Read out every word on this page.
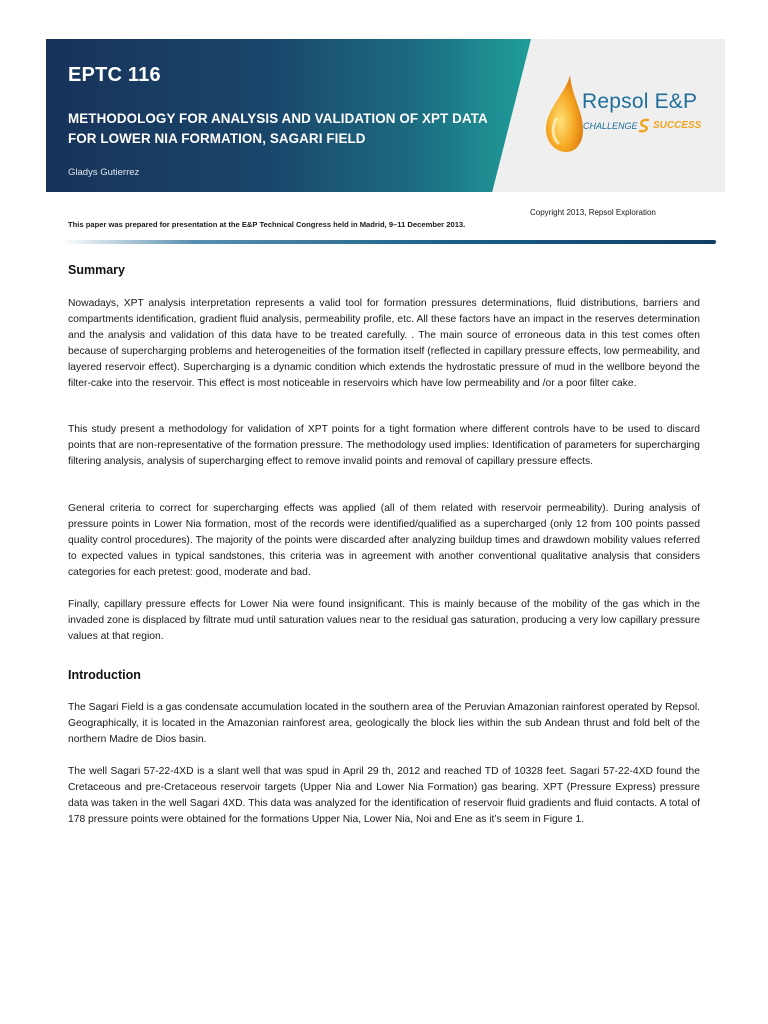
EPTC 116
METHODOLOGY FOR ANALYSIS AND VALIDATION OF XPT DATA FOR LOWER NIA FORMATION, SAGARI FIELD
Gladys Gutierrez
Repsol E&P
CHALLENGE SUCCESS
Copyright 2013, Repsol Exploration
This paper was prepared for presentation at the E&P Technical Congress held in Madrid, 9–11 December 2013.
Summary

Nowadays, XPT analysis interpretation represents a valid tool for formation pressures determinations, fluid distributions, barriers and compartments identification, gradient fluid analysis, permeability profile, etc. All these factors have an impact in the reserves determination and the analysis and validation of this data have to be treated carefully. . The main source of erroneous data in this test comes often because of supercharging problems and heterogeneities of the formation itself (reflected in capillary pressure effects, low permeability, and layered reservoir effect). Supercharging is a dynamic condition which extends the hydrostatic pressure of mud in the wellbore beyond the filter-cake into the reservoir. This effect is most noticeable in reservoirs which have low permeability and /or a poor filter cake.

This study present a methodology for validation of XPT points for a tight formation where different controls have to be used to discard points that are non-representative of the formation pressure. The methodology used implies: Identification of parameters for supercharging filtering analysis, analysis of supercharging effect to remove invalid points and removal of capillary pressure effects.

General criteria to correct for supercharging effects was applied (all of them related with reservoir permeability). During analysis of pressure points in Lower Nia formation, most of the records were identified/qualified as a supercharged (only 12 from 100 points passed quality control procedures). The majority of the points were discarded after analyzing buildup times and drawdown mobility values referred to expected values in typical sandstones, this criteria was in agreement with another conventional qualitative analysis that considers categories for each pretest: good, moderate and bad.

Finally, capillary pressure effects for Lower Nia were found insignificant. This is mainly because of the mobility of the gas which in the invaded zone is displaced by filtrate mud until saturation values near to the residual gas saturation, producing a very low capillary pressure values at that region.

Introduction

The Sagari Field is a gas condensate accumulation located in the southern area of the Peruvian Amazonian rainforest operated by Repsol. Geographically, it is located in the Amazonian rainforest area, geologically the block lies within the sub Andean thrust and fold belt of the northern Madre de Dios basin.

The well Sagari 57-22-4XD is a slant well that was spud in April 29 th, 2012 and reached TD of 10328 feet. Sagari 57-22-4XD found the Cretaceous and pre-Cretaceous reservoir targets (Upper Nia and Lower Nia Formation) gas bearing. XPT (Pressure Express) pressure data was taken in the well Sagari 4XD. This data was analyzed for the identification of reservoir fluid gradients and fluid contacts. A total of 178 pressure points were obtained for the formations Upper Nia, Lower Nia, Noi and Ene as it’s seem in Figure 1.
